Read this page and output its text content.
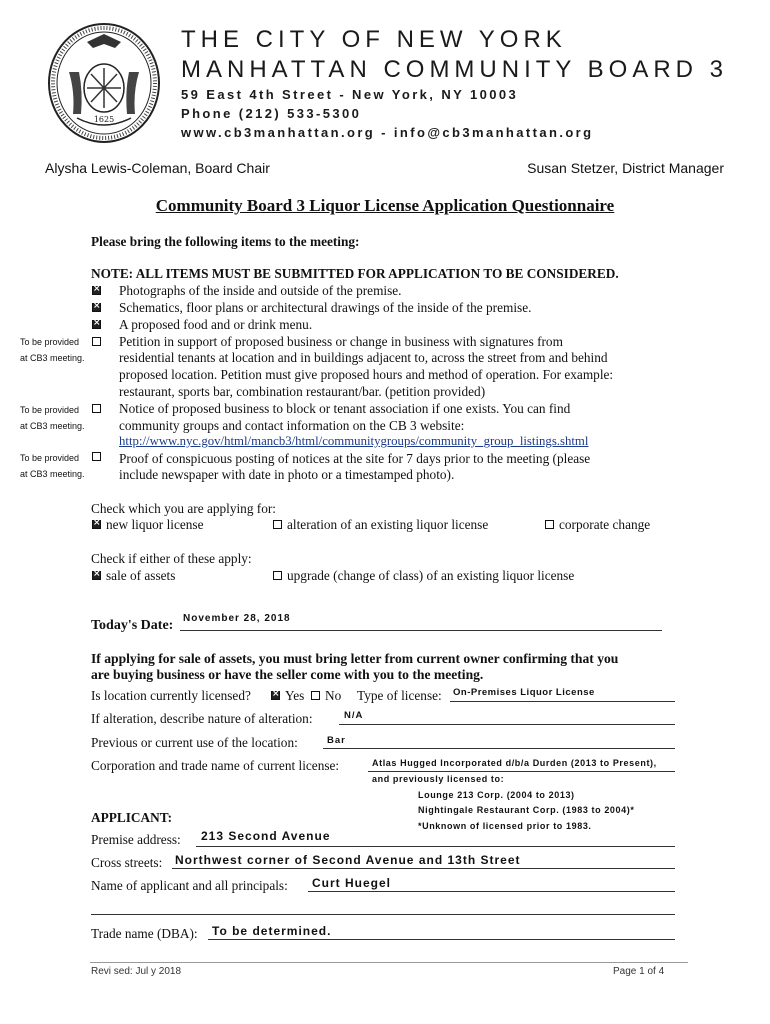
1625
THE CITY OF NEW YORK
MANHATTAN COMMUNITY BOARD 3
59 East 4th Street - New York, NY 10003
Phone (212) 533-5300
www.cb3manhattan.org - info@cb3manhattan.org
Alysha Lewis-Coleman, Board Chair	Susan Stetzer, District Manager
Community Board 3 Liquor License Application Questionnaire
Please bring the following items to the meeting:
NOTE: ALL ITEMS MUST BE SUBMITTED FOR APPLICATION TO BE CONSIDERED.
×
Photographs of the inside and outside of the premise.
×
Schematics, floor plans or architectural drawings of the inside of the premise.
×
A proposed food and or drink menu.
To be provided
at CB3 meeting.
Petition in support of proposed business or change in business with signatures from
residential tenants at location and in buildings adjacent to, across the street from and behind
proposed location. Petition must give proposed hours and method of operation. For example:
restaurant, sports bar, combination restaurant/bar. (petition provided)
To be provided
at CB3 meeting.
Notice of proposed business to block or tenant association if one exists. You can find
community groups and contact information on the CB 3 website:
http://www.nyc.gov/html/mancb3/html/communitygroups/community_group_listings.shtml
To be provided
at CB3 meeting.
Proof of conspicuous posting of notices at the site for 7 days prior to the meeting (please
include newspaper with date in photo or a timestamped photo).
Check which you are applying for:
×
new liquor license	alteration of an existing liquor license	corporate change
Check if either of these apply:
×
sale of assets	upgrade (change of class) of an existing liquor license
Today's Date: November 28, 2018
If applying for sale of assets, you must bring letter from current owner confirming that you
are buying business or have the seller come with you to the meeting.
Is location currently licensed?
×	Yes No Type of license: On-Premises Liquor License
If alteration, describe nature of alteration:	N/A
Previous or current use of the location:	Bar
Corporation and trade name of current license:	Atlas Hugged Incorporated d/b/a Durden (2013 to Present),
and previously licensed to:
Lounge 213 Corp. (2004 to 2013)
Nightingale Restaurant Corp. (1983 to 2004)*
*Unknown of licensed prior to 1983.
APPLICANT:
Premise address: 213 Second Avenue
Cross streets: Northwest corner of Second Avenue and 13th Street
Name of applicant and all principals: Curt Huegel
Trade name (DBA): To be determined.
Revi sed: Jul y 2018	Page 1 of 4
